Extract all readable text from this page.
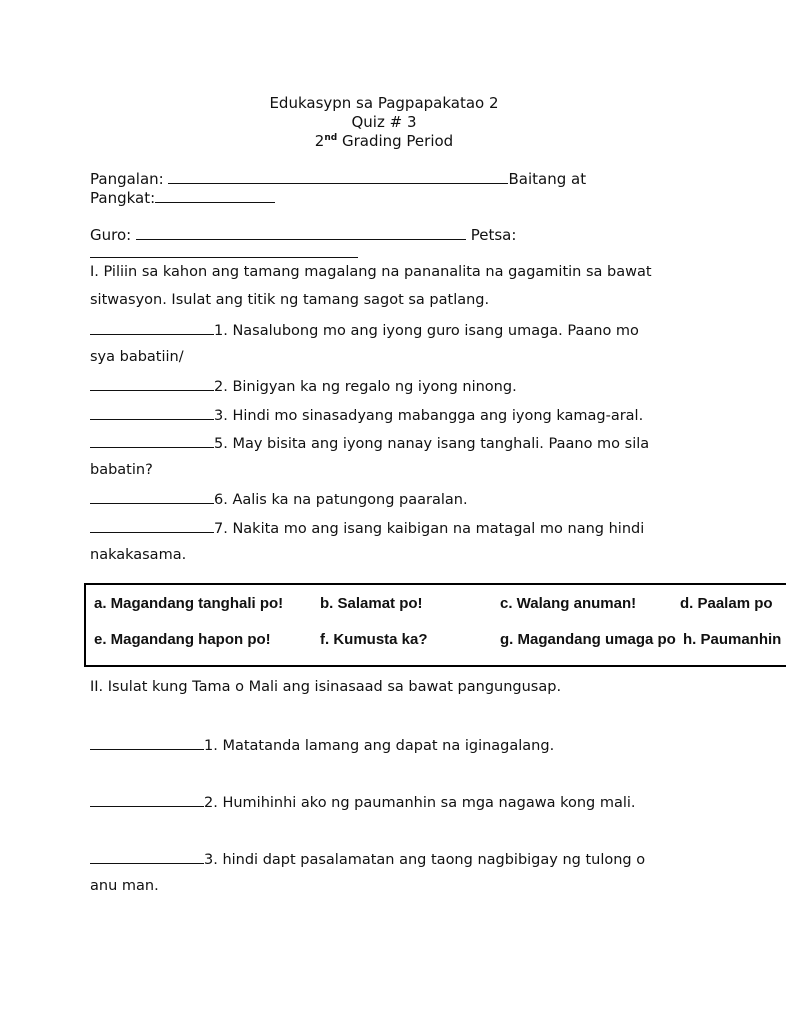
Edukasypn sa Pagpapakatao 2
Quiz # 3
2nd Grading Period
Pangalan:	Baitang at
Pangkat:
Guro:	Petsa:
I. Piliin sa kahon ang tamang magalang na pananalita na gagamitin sa bawat
sitwasyon. Isulat ang titik ng tamang sagot sa patlang.
1. Nasalubong mo ang iyong guro isang umaga. Paano mo
sya babatiin/
2. Binigyan ka ng regalo ng iyong ninong.
3. Hindi mo sinasadyang mabangga ang iyong kamag-aral.
5. May bisita ang iyong nanay isang tanghali. Paano mo sila
babatin?
6. Aalis ka na patungong paaralan.
7. Nakita mo ang isang kaibigan na matagal mo nang hindi
nakakasama.
a. Magandang tanghali po! b. Salamat po!	c. Walang anuman!	d. Paalam po
e. Magandang hapon po!	f. Kumusta ka?	g. Magandang umaga po h. Paumanhin
II. Isulat kung Tama o Mali ang isinasaad sa bawat pangungusap.
1. Matatanda lamang ang dapat na iginagalang.
2. Humihinhi ako ng paumanhin sa mga nagawa kong mali.
3. hindi dapt pasalamatan ang taong nagbibigay ng tulong o
anu man.
